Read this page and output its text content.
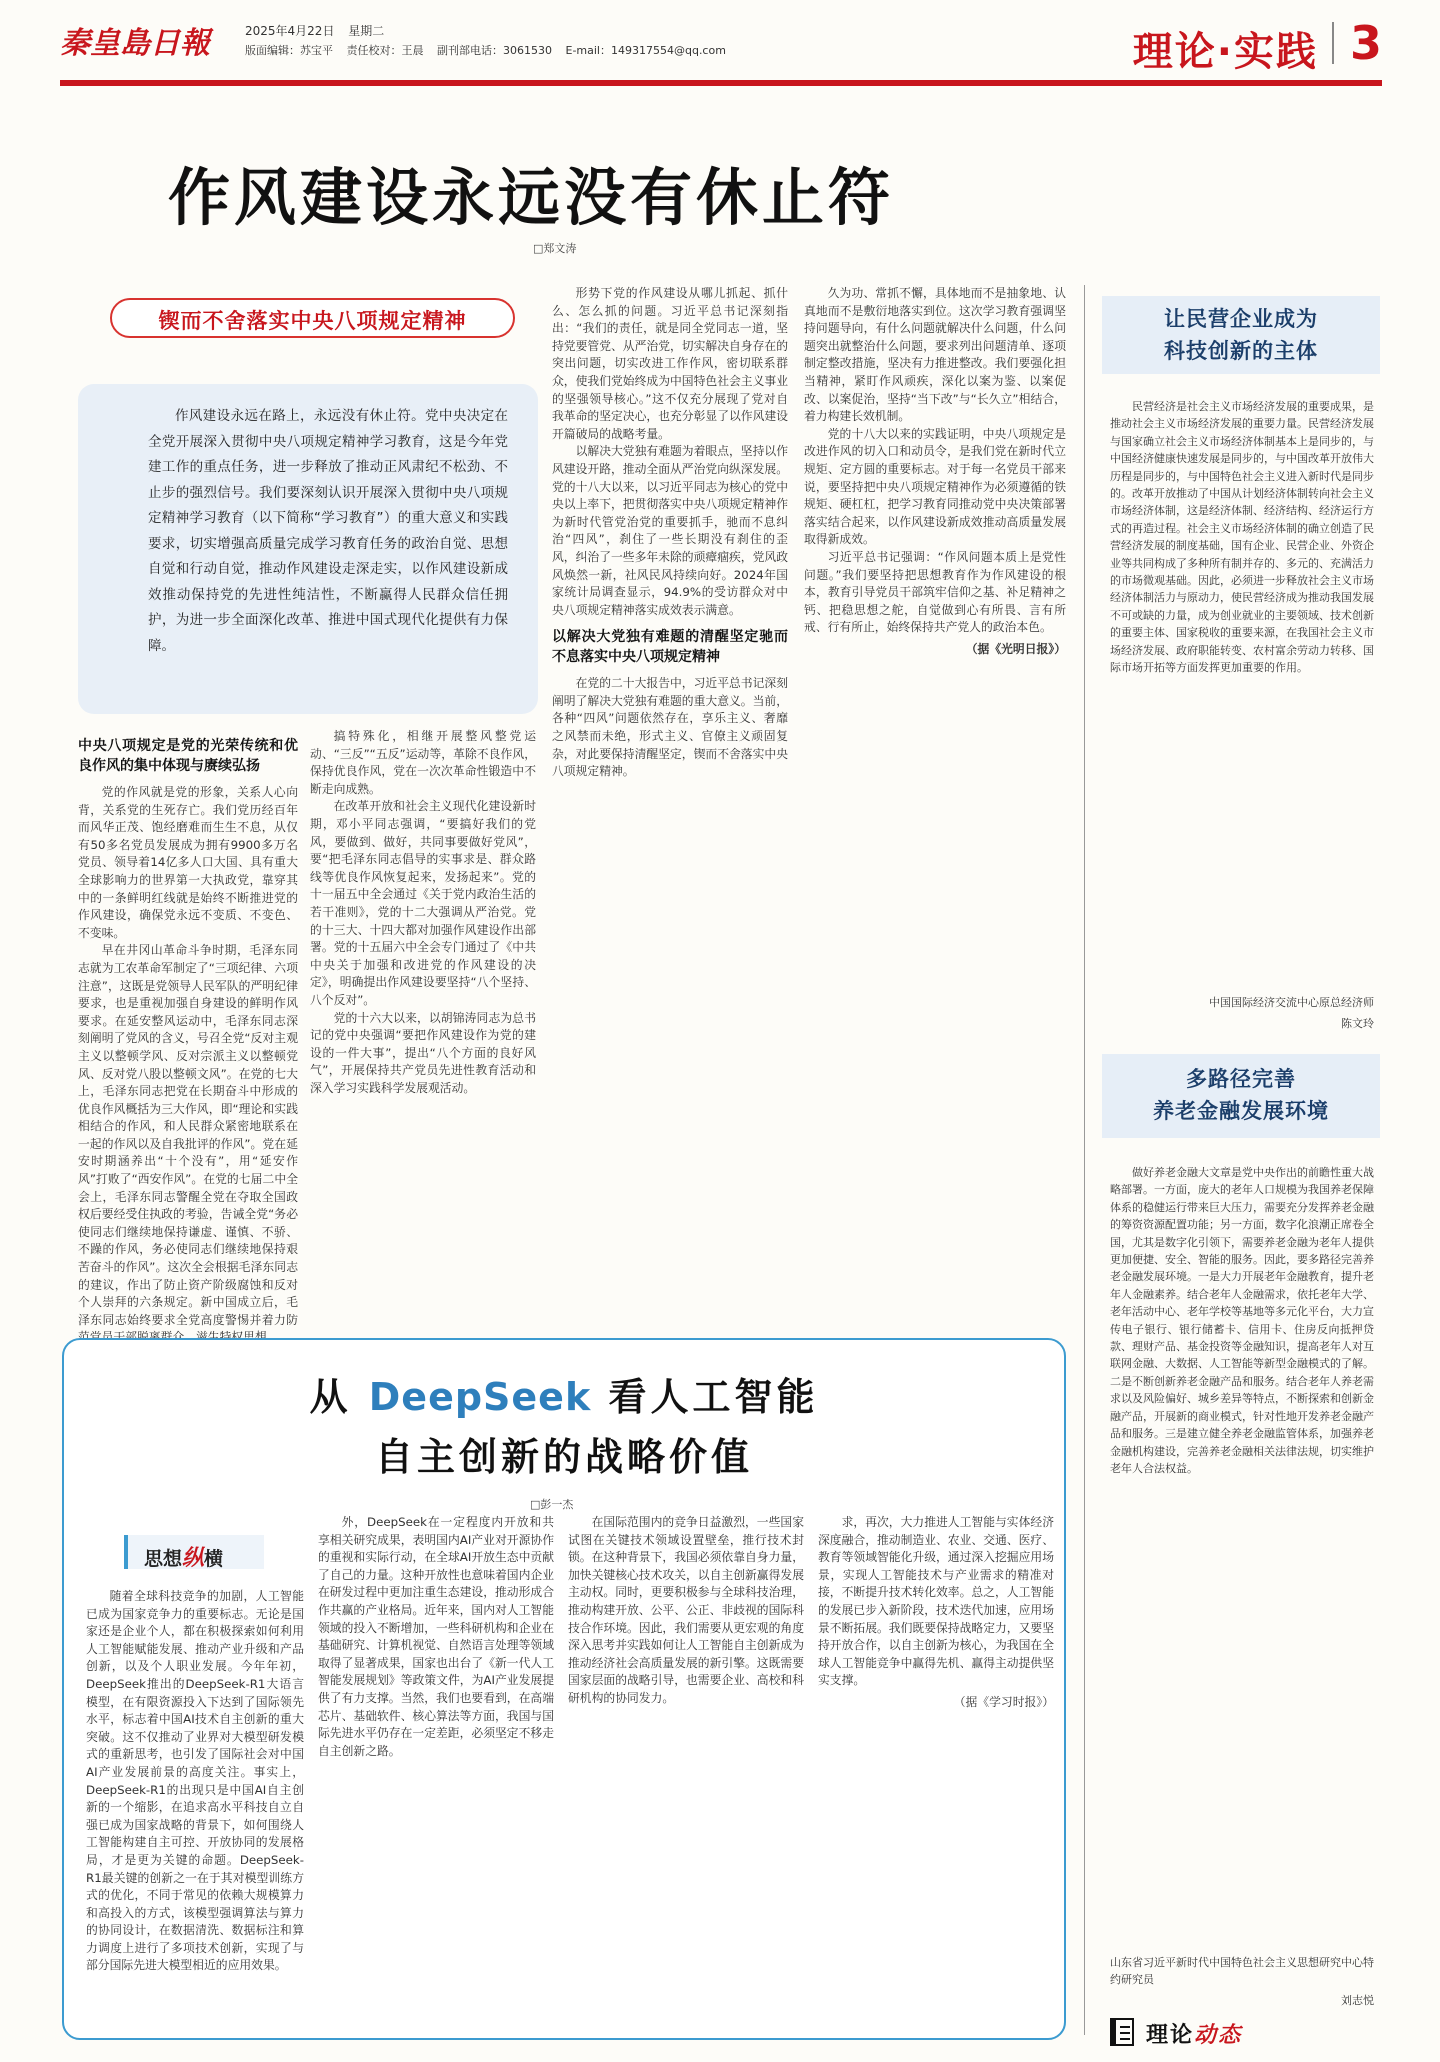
秦皇島日報	2025年4月22日 星期二
版面编辑：苏宝平 责任校对：王晨 副刊部电话：3061530 E-mail：149317554@qq.com	理论·实践 3
作风建设永远没有休止符
□郑文涛
锲而不舍落实中央八项规定精神

作风建设永远在路上，永远没有休止符。党中央决定在全党开展深入贯彻中央八项规定精神学习教育，这是今年党建工作的重点任务，进一步释放了推动正风肃纪不松劲、不止步的强烈信号。我们要深刻认识开展深入贯彻中央八项规定精神学习教育（以下简称“学习教育”）的重大意义和实践要求，切实增强高质量完成学习教育任务的政治自觉、思想自觉和行动自觉，推动作风建设走深走实，以作风建设新成效推动保持党的先进性纯洁性，不断赢得人民群众信任拥护，为进一步全面深化改革、推进中国式现代化提供有力保障。

中央八项规定是党的光荣传统和优良作风的集中体现与赓续弘扬

党的作风就是党的形象，关系人心向背，关系党的生死存亡。我们党历经百年而风华正茂、饱经磨难而生生不息，从仅有50多名党员发展成为拥有9900多万名党员、领导着14亿多人口大国、具有重大全球影响力的世界第一大执政党，靠穿其中的一条鲜明红线就是始终不断推进党的作风建设，确保党永远不变质、不变色、不变味。

早在井冈山革命斗争时期，毛泽东同志就为工农革命军制定了“三项纪律、六项注意”，这既是党领导人民军队的严明纪律要求，也是重视加强自身建设的鲜明作风要求。在延安整风运动中，毛泽东同志深刻阐明了党风的含义，号召全党“反对主观主义以整顿学风、反对宗派主义以整顿党风、反对党八股以整顿文风”。在党的七大上，毛泽东同志把党在长期奋斗中形成的优良作风概括为三大作风，即“理论和实践相结合的作风，和人民群众紧密地联系在一起的作风以及自我批评的作风”。党在延安时期涵养出“十个没有”，用“延安作风”打败了“西安作风”。在党的七届二中全会上，毛泽东同志警醒全党在夺取全国政权后要经受住执政的考验，告诫全党“务必使同志们继续地保持谦虚、谨慎、不骄、不躁的作风，务必使同志们继续地保持艰苦奋斗的作风”。这次全会根据毛泽东同志的建议，作出了防止资产阶级腐蚀和反对个人崇拜的六条规定。新中国成立后，毛泽东同志始终要求全党高度警惕并着力防

搞特殊化，相继开展整风整党运动、“三反”“五反”运动等，革除不良作风，保持优良作风，党在一次次革命性锻造中不断走向成熟。

在改革开放和社会主义现代化建设新时期，邓小平同志强调，“要搞好我们的党风，要做到、做好，共同事要做好党风”，要“把毛泽东同志倡导的实事求是、群众路线等优良作风恢复起来，发扬起来”。党的十一届五中全会通过《关于党内政治生活的若干准则》，党的十二大强调从严治党。党的十三大、十四大都对加强作风建设作出部署。党的十五届六中全会专门通过了《中共中央关于加强和改进党的作风建设的决定》，明确提出作风建设要坚持“八个坚持、八个反对”。

党的十六大以来，以胡锦涛同志为总书记的党中央强调“要把作风建设作为党的建设的一件大事”，提出“八个方面的良好风气”，开展保持共产党员先进性教育活动和深入学习实践科学发展观活动。

形势下党的作风建设从哪儿抓起、抓什么、怎么抓的问题。习近平总书记深刻指出：“我们的责任，就是同全党同志一道，坚持党要管党、从严治党，切实解决自身存在的突出问题，切实改进工作作风，密切联系群众，使我们党始终成为中国特色社会主义事业的坚强领导核心。”这不仅充分展现了党对自我革命的坚定决心，也充分彰显了以作风建设开篇破局的战略考量。

以解决大党独有难题为着眼点，坚持以作风建设开路，推动全面从严治党向纵深发展。党的十八大以来，以习近平同志为核心的党中央以上率下，把贯彻落实中央八项规定精神作为新时代管党治党的重要抓手，驰而不息纠治“四风”，刹住了一些长期没有刹住的歪风，纠治了一些多年未除的顽瘴痼疾，党风政风焕然一新，社风民风持续向好。2024年国家统计局调查显示，94.9%的受访群众对中央八项规定精神落实成效表示满意。

以解决大党独有难题的清醒坚定驰而不息落实中央八项规定精神

在党的二十大报告中，习近平总书记深刻阐明了解决大党独有难题的重大意义。当前，各种“四风”问题依然存在，享乐主义、奢靡之风禁而未绝，形式主义、官僚主义顽固复杂，对此要保持清醒坚定，锲而不舍落实中央八项规定精神。

久为功、常抓不懈，具体地而不是抽象地、认真地而不是敷衍地落实到位。这次学习教育强调坚持问题导向，有什么问题就解决什么问题，什么问题突出就整治什么问题，要求列出问题清单、逐项制定整改措施，坚决有力推进整改。我们要强化担当精神，紧盯作风顽疾，深化以案为鉴、以案促改、以案促治，坚持“当下改”与“长久立”相结合，着力构建长效机制。

党的十八大以来的实践证明，中央八项规定是改进作风的切入口和动员令，是我们党在新时代立规矩、定方圆的重要标志。对于每一名党员干部来说，要坚持把中央八项规定精神作为必须遵循的铁规矩、硬杠杠，把学习教育同推动党中央决策部署落实结合起来，以作风建设新成效推动高质量发展取得新成效。

习近平总书记强调：“作风问题本质上是党性问题。”我们要坚持把思想教育作为作风建设的根本，教育引导党员干部筑牢信仰之基、补足精神之钙、把稳思想之舵，自觉做到心有所畏、言有所戒、行有所止，始终保持共产党人的政治本色。

（据《光明日报》）
从 DeepSeek 看人工智能
自主创新的战略价值
□彭一杰
思想纵横

随着全球科技竞争的加剧，人工智能已成为国家竞争力的重要标志。无论是国家还是企业个人，都在积极探索如何利用人工智能赋能发展、推动产业升级和产品创新，以及个人职业发展。今年年初，DeepSeek推出的DeepSeek-R1大语言模型，在有限资源投入下达到了国际领先水平，标志着中国AI技术自主创新的重大突破。这不仅推动了业界对大模型研发模式的重新思考，也引发了国际社会对中国AI产业发展前景的高度关注。事实上，DeepSeek-R1的出现只是中国AI自主创新的一个缩影，在追求高水平科技自立自强已成为国家战略的背景下，如何围绕人工智能构建自主可控、开放协同的发展格局，才是更为关键的命题。DeepSeek-R1最关键的创新之一在于其对模型训练方式的优化，不同于常见的依赖大规模算力和高投入的方式，该模型强调算法与算力的协同设计，在数据清洗、数据标注和算力调度上进行了多项技术创新，实现了与部分国际先进大模型相近的应用效果。

外，DeepSeek在一定程度内开放和共享相关研究成果，表明国内AI产业对开源协作的重视和实际行动，在全球AI开放生态中贡献了自己的力量。这种开放性也意味着国内企业在研发过程中更加注重生态建设，推动形成合作共赢的产业格局。近年来，国内对人工智能领域的投入不断增加，一些科研机构和企业在基础研究、计算机视觉、自然语言处理等领域取得了显著成果，国家也出台了《新一代人工智能发展规划》等政策文件，为AI产业发展提供了有力支撑。当然，我们也要看到，在高端芯片、基础软件、核心算法等方面，我国与国际先进水平仍存在一定差距，必须坚定不移走自主创新之路。

在国际范围内的竞争日益激烈，一些国家试图在关键技术领域设置壁垒，推行技术封锁。在这种背景下，我国必须依靠自身力量，加快关键核心技术攻关，以自主创新赢得发展主动权。同时，更要积极参与全球科技治理，推动构建开放、公平、公正、非歧视的国际科技合作环境。因此，我们需要从更宏观的角度深入思考并实践如何让人工智能自主创新成为推动经济社会高质量发展的新引擎。这既需要国家层面的战略引导，也需要企业、高校和科研机构的协同发力。

求，再次，大力推进人工智能与实体经济深度融合，推动制造业、农业、交通、医疗、教育等领域智能化升级，通过深入挖掘应用场景，实现人工智能技术与产业需求的精准对接，不断提升技术转化效率。总之，人工智能的发展已步入新阶段，技术迭代加速，应用场景不断拓展。我们既要保持战略定力，又要坚持开放合作，以自主创新为核心，为我国在全球人工智能竞争中赢得先机、赢得主动提供坚实支撑。

（据《学习时报》）
让民营企业成为
科技创新的主体

民营经济是社会主义市场经济发展的重要成果，是推动社会主义市场经济发展的重要力量。民营经济发展与国家确立社会主义市场经济体制基本上是同步的，与中国经济健康快速发展是同步的，与中国改革开放伟大历程是同步的，与中国特色社会主义进入新时代是同步的。改革开放推动了中国从计划经济体制转向社会主义市场经济体制，这是经济体制、经济结构、经济运行方式的再造过程。社会主义市场经济体制的确立创造了民营经济发展的制度基础，国有企业、民营企业、外资企业等共同构成了多种所有制并存的、多元的、充满活力的市场微观基础。因此，必须进一步释放社会主义市场经济体制活力与原动力，使民营经济成为推动我国发展不可或缺的力量，成为创业就业的主要领域、技术创新的重要主体、国家税收的重要来源，在我国社会主义市场经济发展、政府职能转变、农村富余劳动力转移、国际市场开拓等方面发挥更加重要的作用。

中国国际经济交流中心原总经济师
陈文玲
多路径完善
养老金融发展环境

做好养老金融大文章是党中央作出的前瞻性重大战略部署。一方面，庞大的老年人口规模为我国养老保障体系的稳健运行带来巨大压力，需要充分发挥养老金融的筹资资源配置功能；另一方面，数字化浪潮正席卷全国，尤其是数字化引领下，需要养老金融为老年人提供更加便捷、安全、智能的服务。因此，要多路径完善养老金融发展环境。一是大力开展老年金融教育，提升老年人金融素养。结合老年人金融需求，依托老年大学、老年活动中心、老年学校等基地等多元化平台，大力宣传电子银行、银行储蓄卡、信用卡、住房反向抵押贷款、理财产品、基金投资等金融知识，提高老年人对互联网金融、大数据、人工智能等新型金融模式的了解。二是不断创新养老金融产品和服务。结合老年人养老需求以及风险偏好、城乡差异等特点，不断探索和创新金融产品，开展新的商业模式，针对性地开发养老金融产品和服务。三是建立健全养老金融监管体系，加强养老金融机构建设，完善养老金融相关法律法规，切实维护老年人合法权益。

山东省习近平新时代中国特色社会主义思想研究中心特约研究员
刘志悦
理论动态
